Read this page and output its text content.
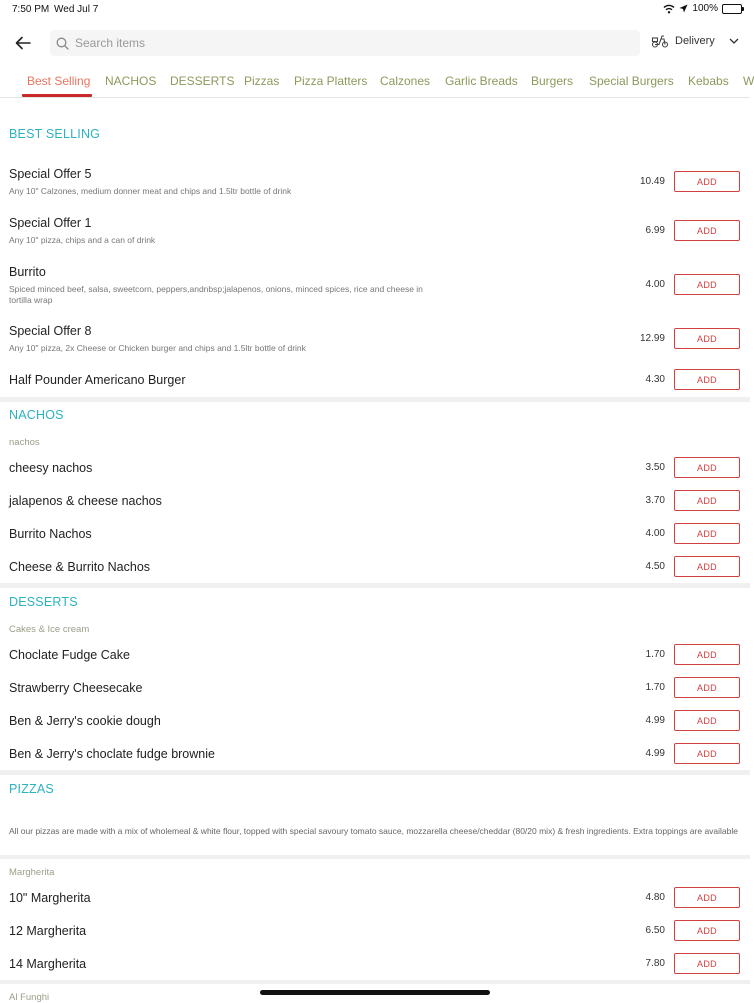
7:50 PM Wed Jul 7	100%
Search items
Delivery
Best Selling NACHOS DESSERTS Pizzas Pizza Platters Calzones Garlic Breads Burgers Special Burgers Kebabs W
BEST SELLING
Special Offer 5
Any 10" Calzones, medium donner meat and chips and 1.5ltr bottle of drink
10.49	ADD
Special Offer 1
Any 10" pizza, chips and a can of drink
6.99	ADD
Burrito
Spiced minced beef, salsa, sweetcorn, peppers,andnbsp;jalapenos, onions, minced spices, rice and cheese in tortilla wrap
4.00	ADD
Special Offer 8
Any 10" pizza, 2x Cheese or Chicken burger and chips and 1.5ltr bottle of drink
12.99	ADD
Half Pounder Americano Burger	4.30	ADD
NACHOS
nachos
cheesy nachos	3.50	ADD
jalapenos & cheese nachos	3.70	ADD
Burrito Nachos	4.00	ADD
Cheese & Burrito Nachos	4.50	ADD
DESSERTS
Cakes & Ice cream
Choclate Fudge Cake	1.70	ADD
Strawberry Cheesecake	1.70	ADD
Ben & Jerry's cookie dough	4.99	ADD
Ben & Jerry's choclate fudge brownie	4.99	ADD
PIZZAS
All our pizzas are made with a mix of wholemeal & white flour, topped with special savoury tomato sauce, mozzarella cheese/cheddar (80/20 mix) & fresh ingredients. Extra toppings are available
Margherita
10" Margherita	4.80	ADD
12 Margherita	6.50	ADD
14 Margherita	7.80	ADD
Al Funghi
